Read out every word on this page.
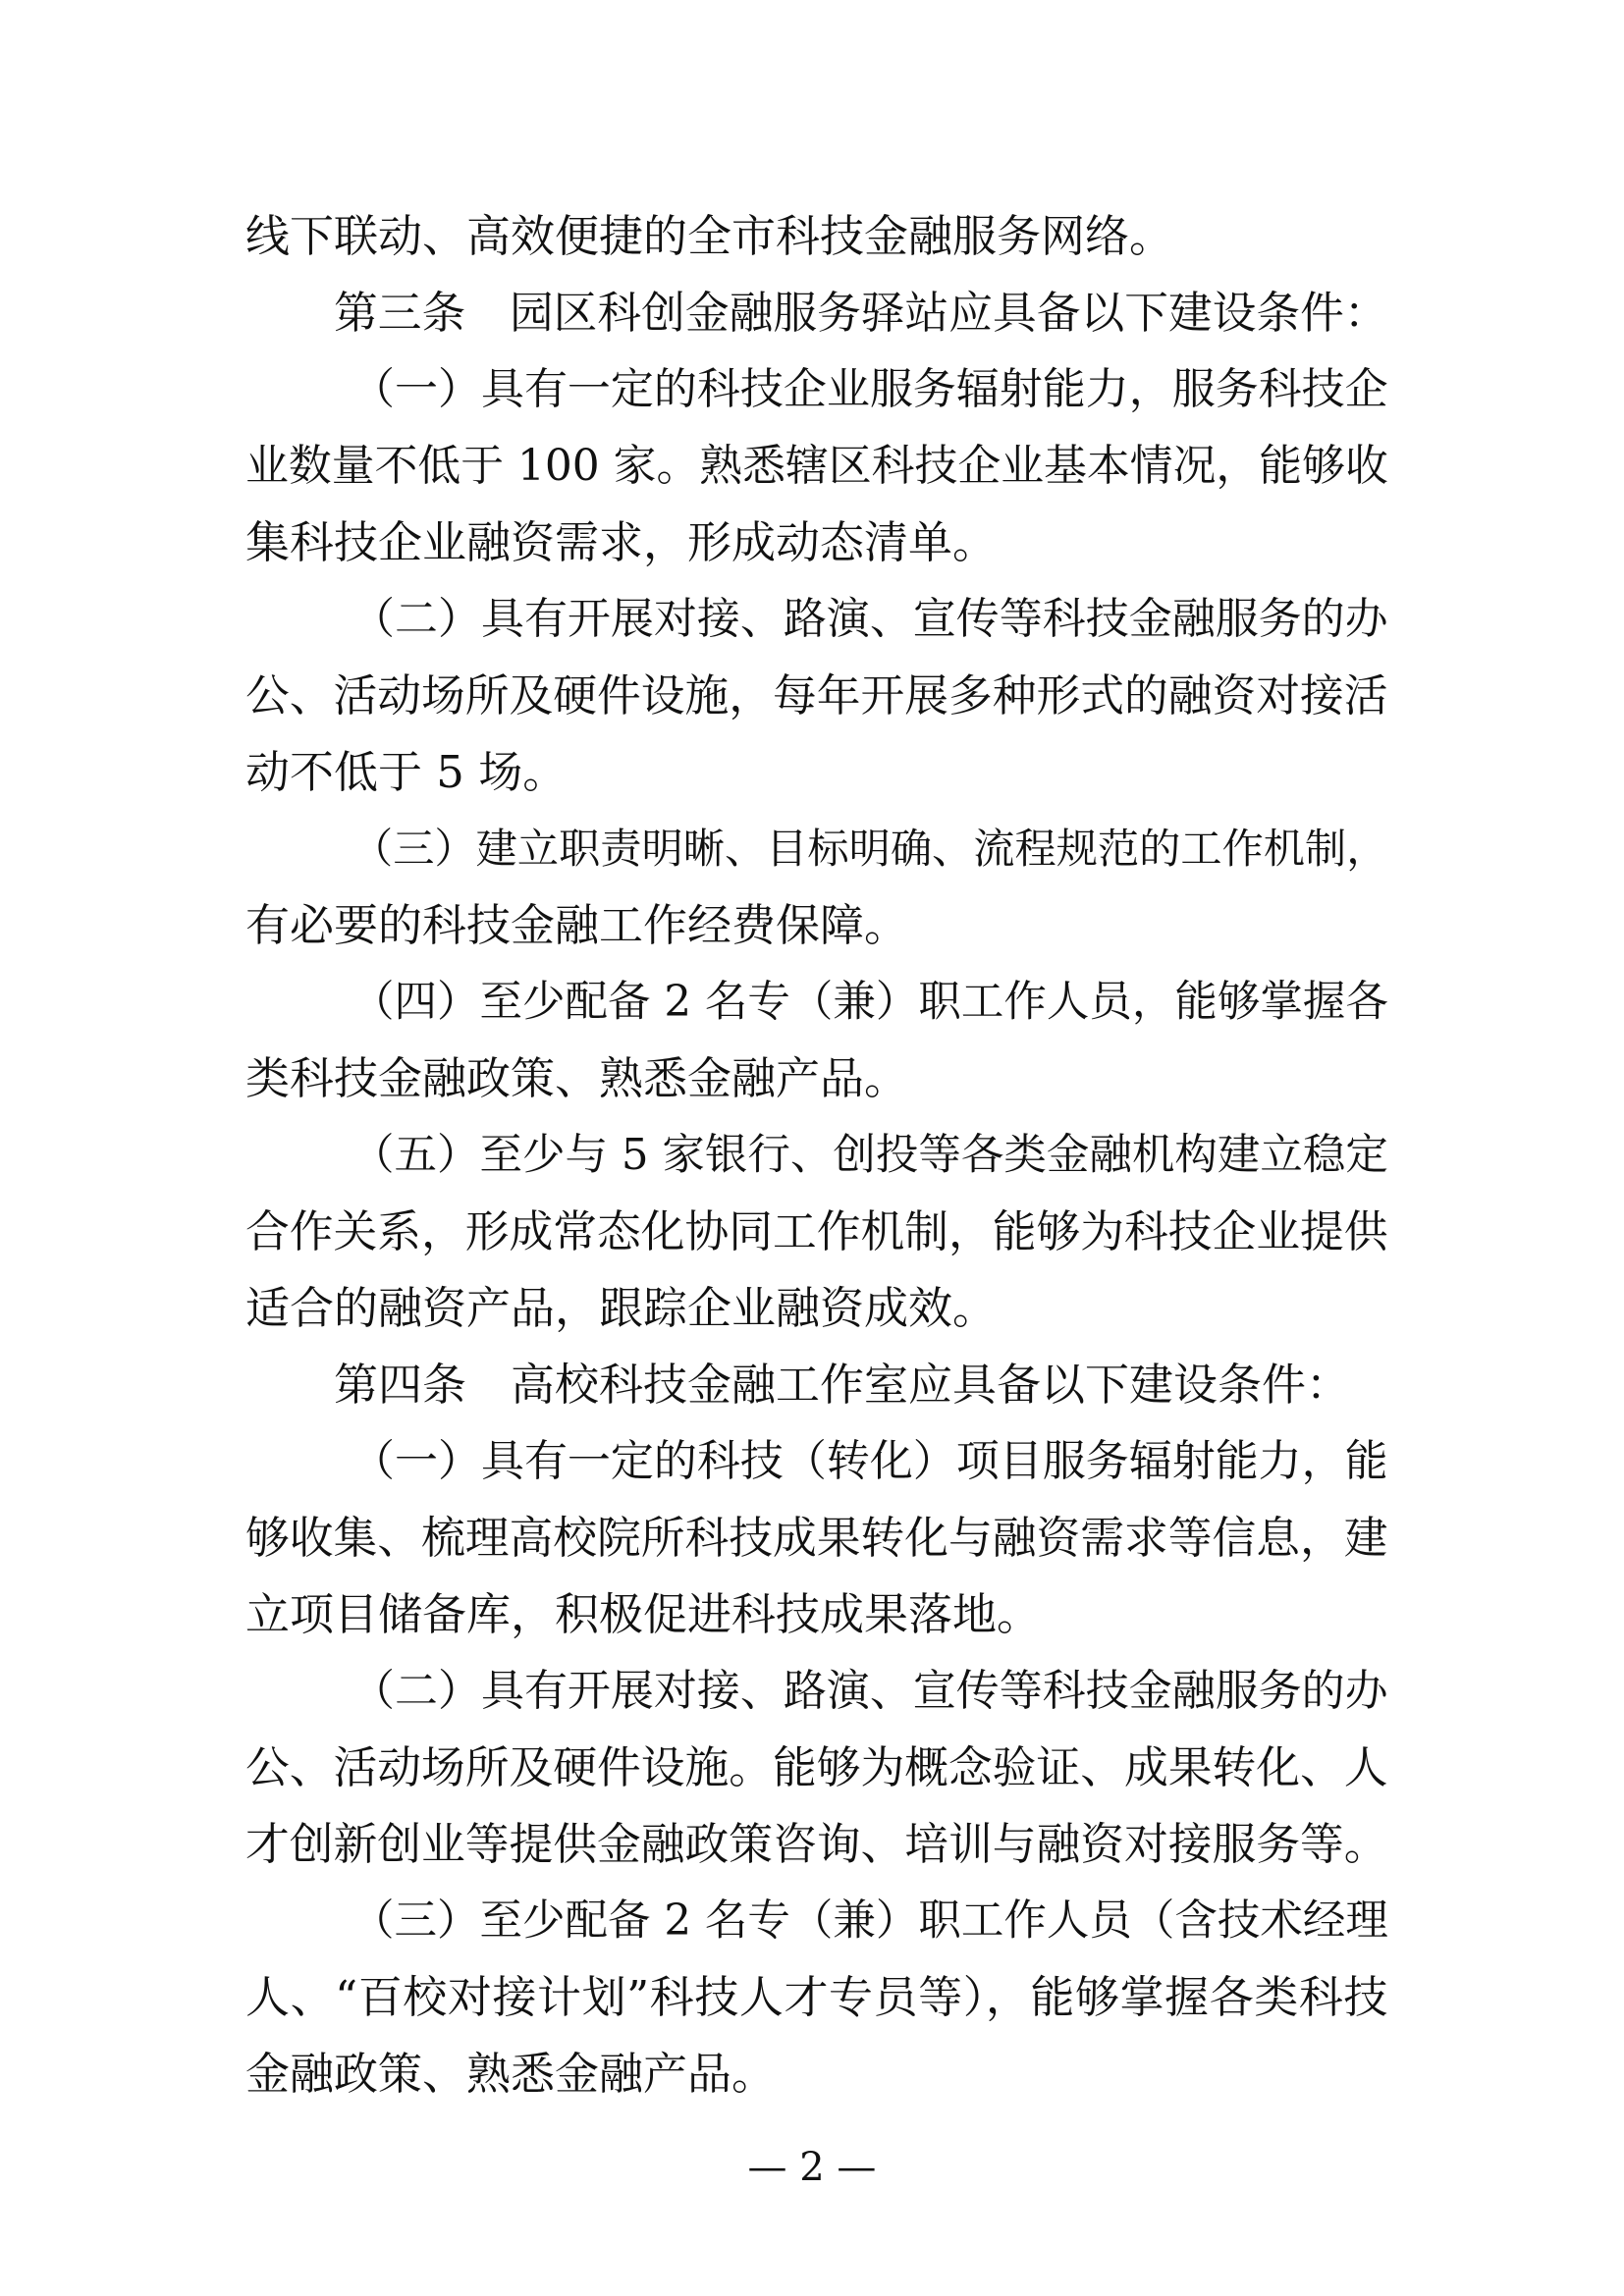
线下联动、高效便捷的全市科技金融服务网络。
第三条　园区科创金融服务驿站应具备以下建设条件：
（一）具有一定的科技企业服务辐射能力，服务科技企
业数量不低于 100 家。熟悉辖区科技企业基本情况，能够收
集科技企业融资需求，形成动态清单。
（二）具有开展对接、路演、宣传等科技金融服务的办
公、活动场所及硬件设施，每年开展多种形式的融资对接活
动不低于 5 场。
（三）建立职责明晰、目标明确、流程规范的工作机制，
有必要的科技金融工作经费保障。
（四）至少配备 2 名专（兼）职工作人员，能够掌握各
类科技金融政策、熟悉金融产品。
（五）至少与 5 家银行、创投等各类金融机构建立稳定
合作关系，形成常态化协同工作机制，能够为科技企业提供
适合的融资产品，跟踪企业融资成效。
第四条　高校科技金融工作室应具备以下建设条件：
（一）具有一定的科技（转化）项目服务辐射能力，能
够收集、梳理高校院所科技成果转化与融资需求等信息，建
立项目储备库，积极促进科技成果落地。
（二）具有开展对接、路演、宣传等科技金融服务的办
公、活动场所及硬件设施。能够为概念验证、成果转化、人
才创新创业等提供金融政策咨询、培训与融资对接服务等。
（三）至少配备 2 名专（兼）职工作人员（含技术经理
人、“百校对接计划”科技人才专员等），能够掌握各类科技
金融政策、熟悉金融产品。
— 2 —
